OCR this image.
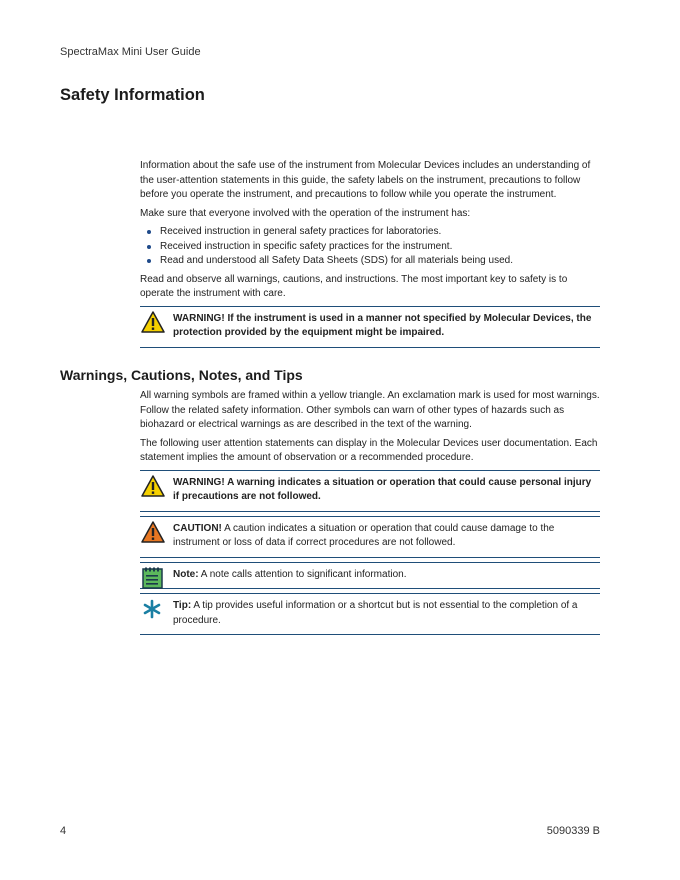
SpectraMax Mini User Guide
Safety Information

Information about the safe use of the instrument from Molecular Devices includes an understanding of the user-attention statements in this guide, the safety labels on the instrument, precautions to follow before you operate the instrument, and precautions to follow while you operate the instrument.

Make sure that everyone involved with the operation of the instrument has:

Received instruction in general safety practices for laboratories.
Received instruction in specific safety practices for the instrument.
Read and understood all Safety Data Sheets (SDS) for all materials being used.

Read and observe all warnings, cautions, and instructions. The most important key to safety is to operate the instrument with care.

WARNING! If the instrument is used in a manner not specified by Molecular Devices, the protection provided by the equipment might be impaired.
Warnings, Cautions, Notes, and Tips

All warning symbols are framed within a yellow triangle. An exclamation mark is used for most warnings. Follow the related safety information. Other symbols can warn of other types of hazards such as biohazard or electrical warnings as are described in the text of the warning.

The following user attention statements can display in the Molecular Devices user documentation. Each statement implies the amount of observation or a recommended procedure.

WARNING! A warning indicates a situation or operation that could cause personal injury if precautions are not followed.
CAUTION! A caution indicates a situation or operation that could cause damage to the instrument or loss of data if correct procedures are not followed.
Note: A note calls attention to significant information.
Tip: A tip provides useful information or a shortcut but is not essential to the completion of a procedure.
4	5090339 B
